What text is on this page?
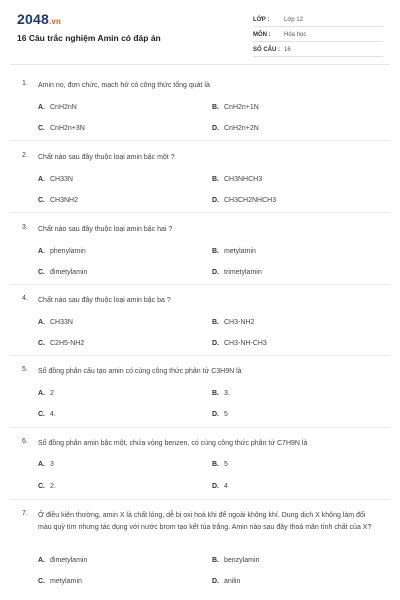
2048.vn
16 Câu trắc nghiệm Amin có đáp án
LỚP : Lớp 12
MÔN : Hóa học
SỐ CÂU : 16
1. Amin no, đơn chức, mạch hở có công thức tổng quát là
A. CnH2nN	B. CnH2n+1N
C. CnH2n+3N	D. CnH2n+2N
2. Chất nào sau đây thuộc loại amin bậc một ?
A. CH33N	B. CH3NHCH3
C. CH3NH2	D. CH3CH2NHCH3
3. Chất nào sau đây thuộc loại amin bậc hai ?
A. phenylamin	B. metylamin
C. đimetylamin	D. trimetylamin
4. Chất nào sau đây thuộc loại amin bậc ba ?
A. CH33N	B. CH3-NH2
C. C2H5-NH2	D. CH3-NH-CH3
5. Số đồng phân cấu tạo amin có cùng công thức phân tử C3H9N là
A. 2	B. 3.
C. 4.	D. 5
6. Số đồng phân amin bậc một, chứa vòng benzen, có cùng công thức phân tử C7H9N là
A. 3	B. 5
C. 2.	D. 4
7. Ở điều kiện thường, amin X là chất lỏng, dễ bị oxi hoá khi để ngoài không khí. Dung dịch X không làm đổi màu quỳ tím nhưng tác dụng với nước brom tạo kết tủa trắng. Amin nào sau đây thoả mãn tính chất của X?
A. đimetylamin	B. benzylamin
C. metylamin	D. anilin
